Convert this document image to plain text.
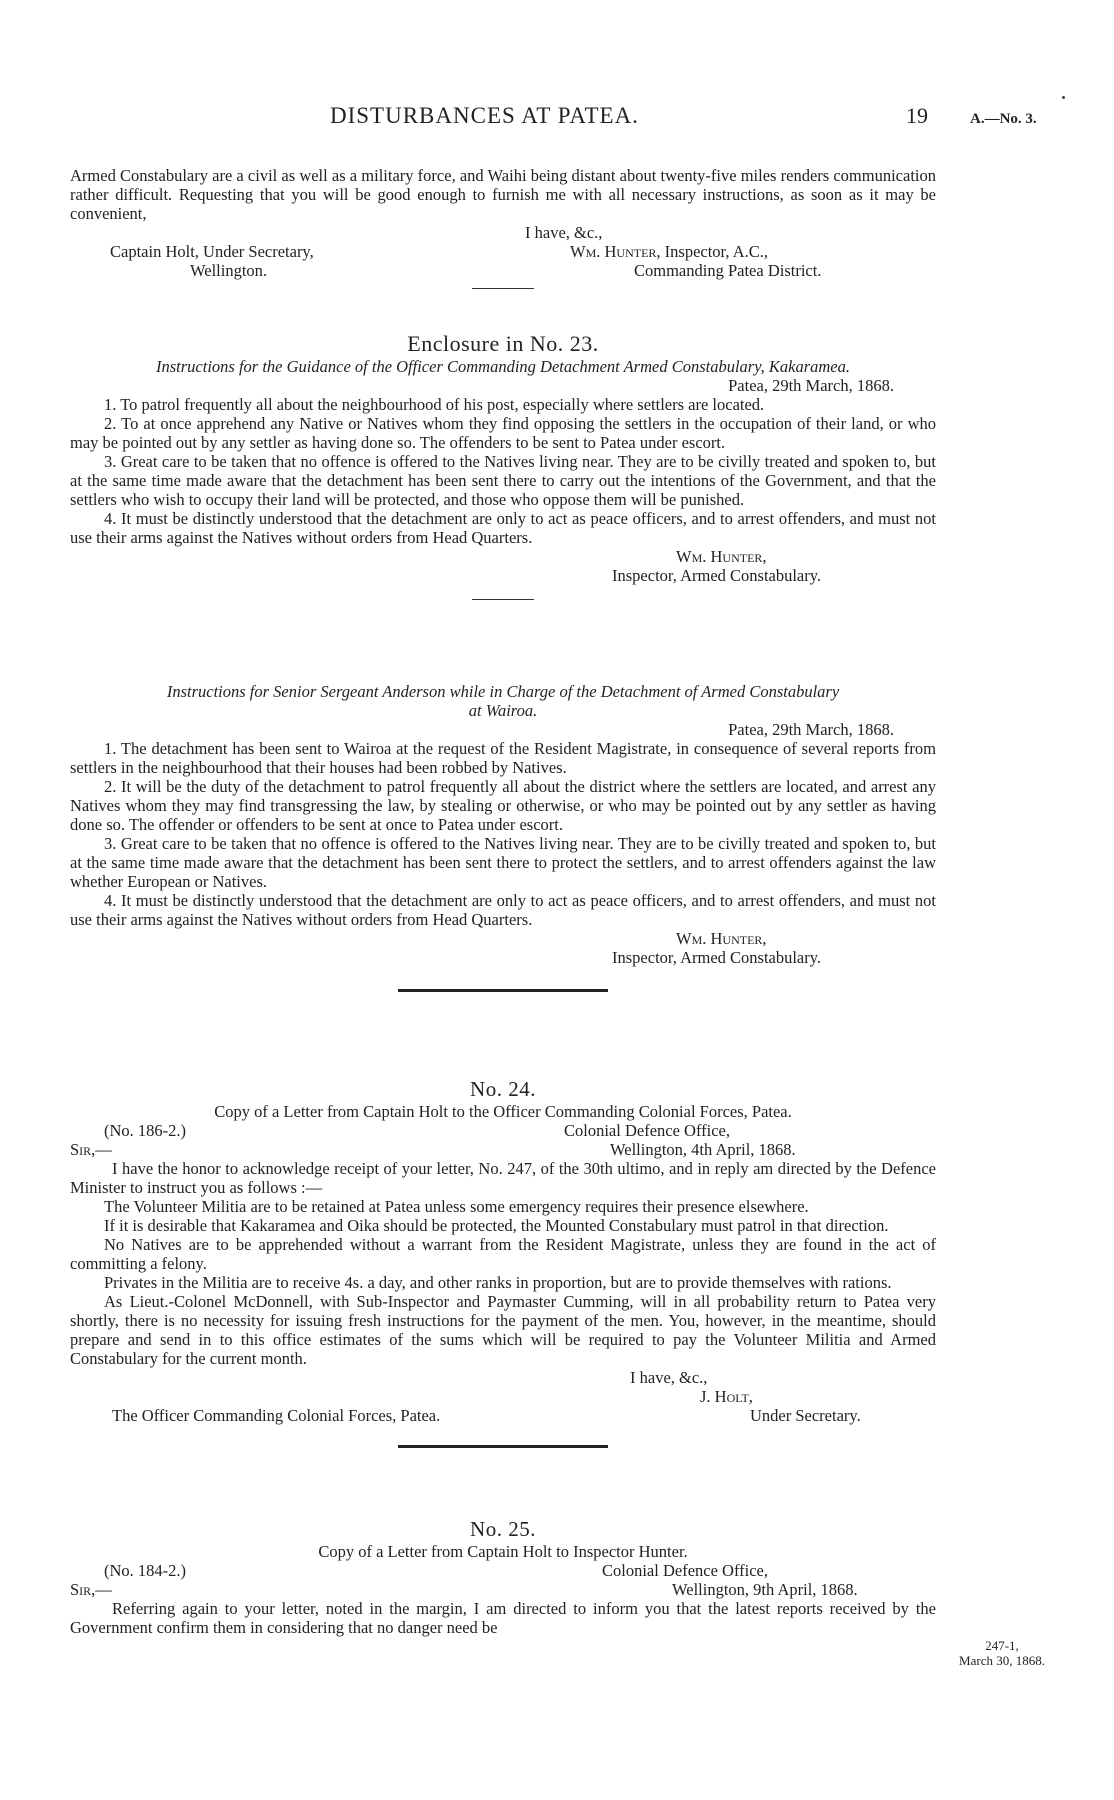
DISTURBANCES AT PATEA.	19	A.—No. 3.

Armed Constabulary are a civil as well as a military force, and Waihi being distant about twenty-five miles renders communication rather difficult. Requesting that you will be good enough to furnish me with all necessary instructions, as soon as it may be convenient,

I have, &c.,
Captain Holt, Under Secretary,	Wm. Hunter, Inspector, A.C.,
Wellington.	Commanding Patea District.
Enclosure in No. 23.
Instructions for the Guidance of the Officer Commanding Detachment Armed Constabulary, Kakaramea.
Patea, 29th March, 1868.

1. To patrol frequently all about the neighbourhood of his post, especially where settlers are located.

2. To at once apprehend any Native or Natives whom they find opposing the settlers in the occupation of their land, or who may be pointed out by any settler as having done so. The offenders to be sent to Patea under escort.

3. Great care to be taken that no offence is offered to the Natives living near. They are to be civilly treated and spoken to, but at the same time made aware that the detachment has been sent there to carry out the intentions of the Government, and that the settlers who wish to occupy their land will be protected, and those who oppose them will be punished.

4. It must be distinctly understood that the detachment are only to act as peace officers, and to arrest offenders, and must not use their arms against the Natives without orders from Head Quarters.

Wm. Hunter,
Inspector, Armed Constabulary.
Instructions for Senior Sergeant Anderson while in Charge of the Detachment of Armed Constabulary
at Wairoa.
Patea, 29th March, 1868.

1. The detachment has been sent to Wairoa at the request of the Resident Magistrate, in consequence of several reports from settlers in the neighbourhood that their houses had been robbed by Natives.

2. It will be the duty of the detachment to patrol frequently all about the district where the settlers are located, and arrest any Natives whom they may find transgressing the law, by stealing or otherwise, or who may be pointed out by any settler as having done so. The offender or offenders to be sent at once to Patea under escort.

3. Great care to be taken that no offence is offered to the Natives living near. They are to be civilly treated and spoken to, but at the same time made aware that the detachment has been sent there to protect the settlers, and to arrest offenders against the law whether European or Natives.

4. It must be distinctly understood that the detachment are only to act as peace officers, and to arrest offenders, and must not use their arms against the Natives without orders from Head Quarters.

Wm. Hunter,
Inspector, Armed Constabulary.
No. 24.
Copy of a Letter from Captain Holt to the Officer Commanding Colonial Forces, Patea.
(No. 186-2.)	Colonial Defence Office,
Sir,—	Wellington, 4th April, 1868.

I have the honor to acknowledge receipt of your letter, No. 247, of the 30th ultimo, and in reply am directed by the Defence Minister to instruct you as follows :—

The Volunteer Militia are to be retained at Patea unless some emergency requires their presence elsewhere.

If it is desirable that Kakaramea and Oika should be protected, the Mounted Constabulary must patrol in that direction.

No Natives are to be apprehended without a warrant from the Resident Magistrate, unless they are found in the act of committing a felony.

Privates in the Militia are to receive 4s. a day, and other ranks in proportion, but are to provide themselves with rations.

As Lieut.-Colonel McDonnell, with Sub-Inspector and Paymaster Cumming, will in all probability return to Patea very shortly, there is no necessity for issuing fresh instructions for the payment of the men. You, however, in the meantime, should prepare and send in to this office estimates of the sums which will be required to pay the Volunteer Militia and Armed Constabulary for the current month.

I have, &c.,
J. Holt,
The Officer Commanding Colonial Forces, Patea.	Under Secretary.
No. 25.
Copy of a Letter from Captain Holt to Inspector Hunter.
(No. 184-2.)	Colonial Defence Office,
Sir,—	Wellington, 9th April, 1868.

Referring again to your letter, noted in the margin, I am directed to inform you that the latest reports received by the Government confirm them in considering that no danger need be

247-1,
March 30, 1868.
